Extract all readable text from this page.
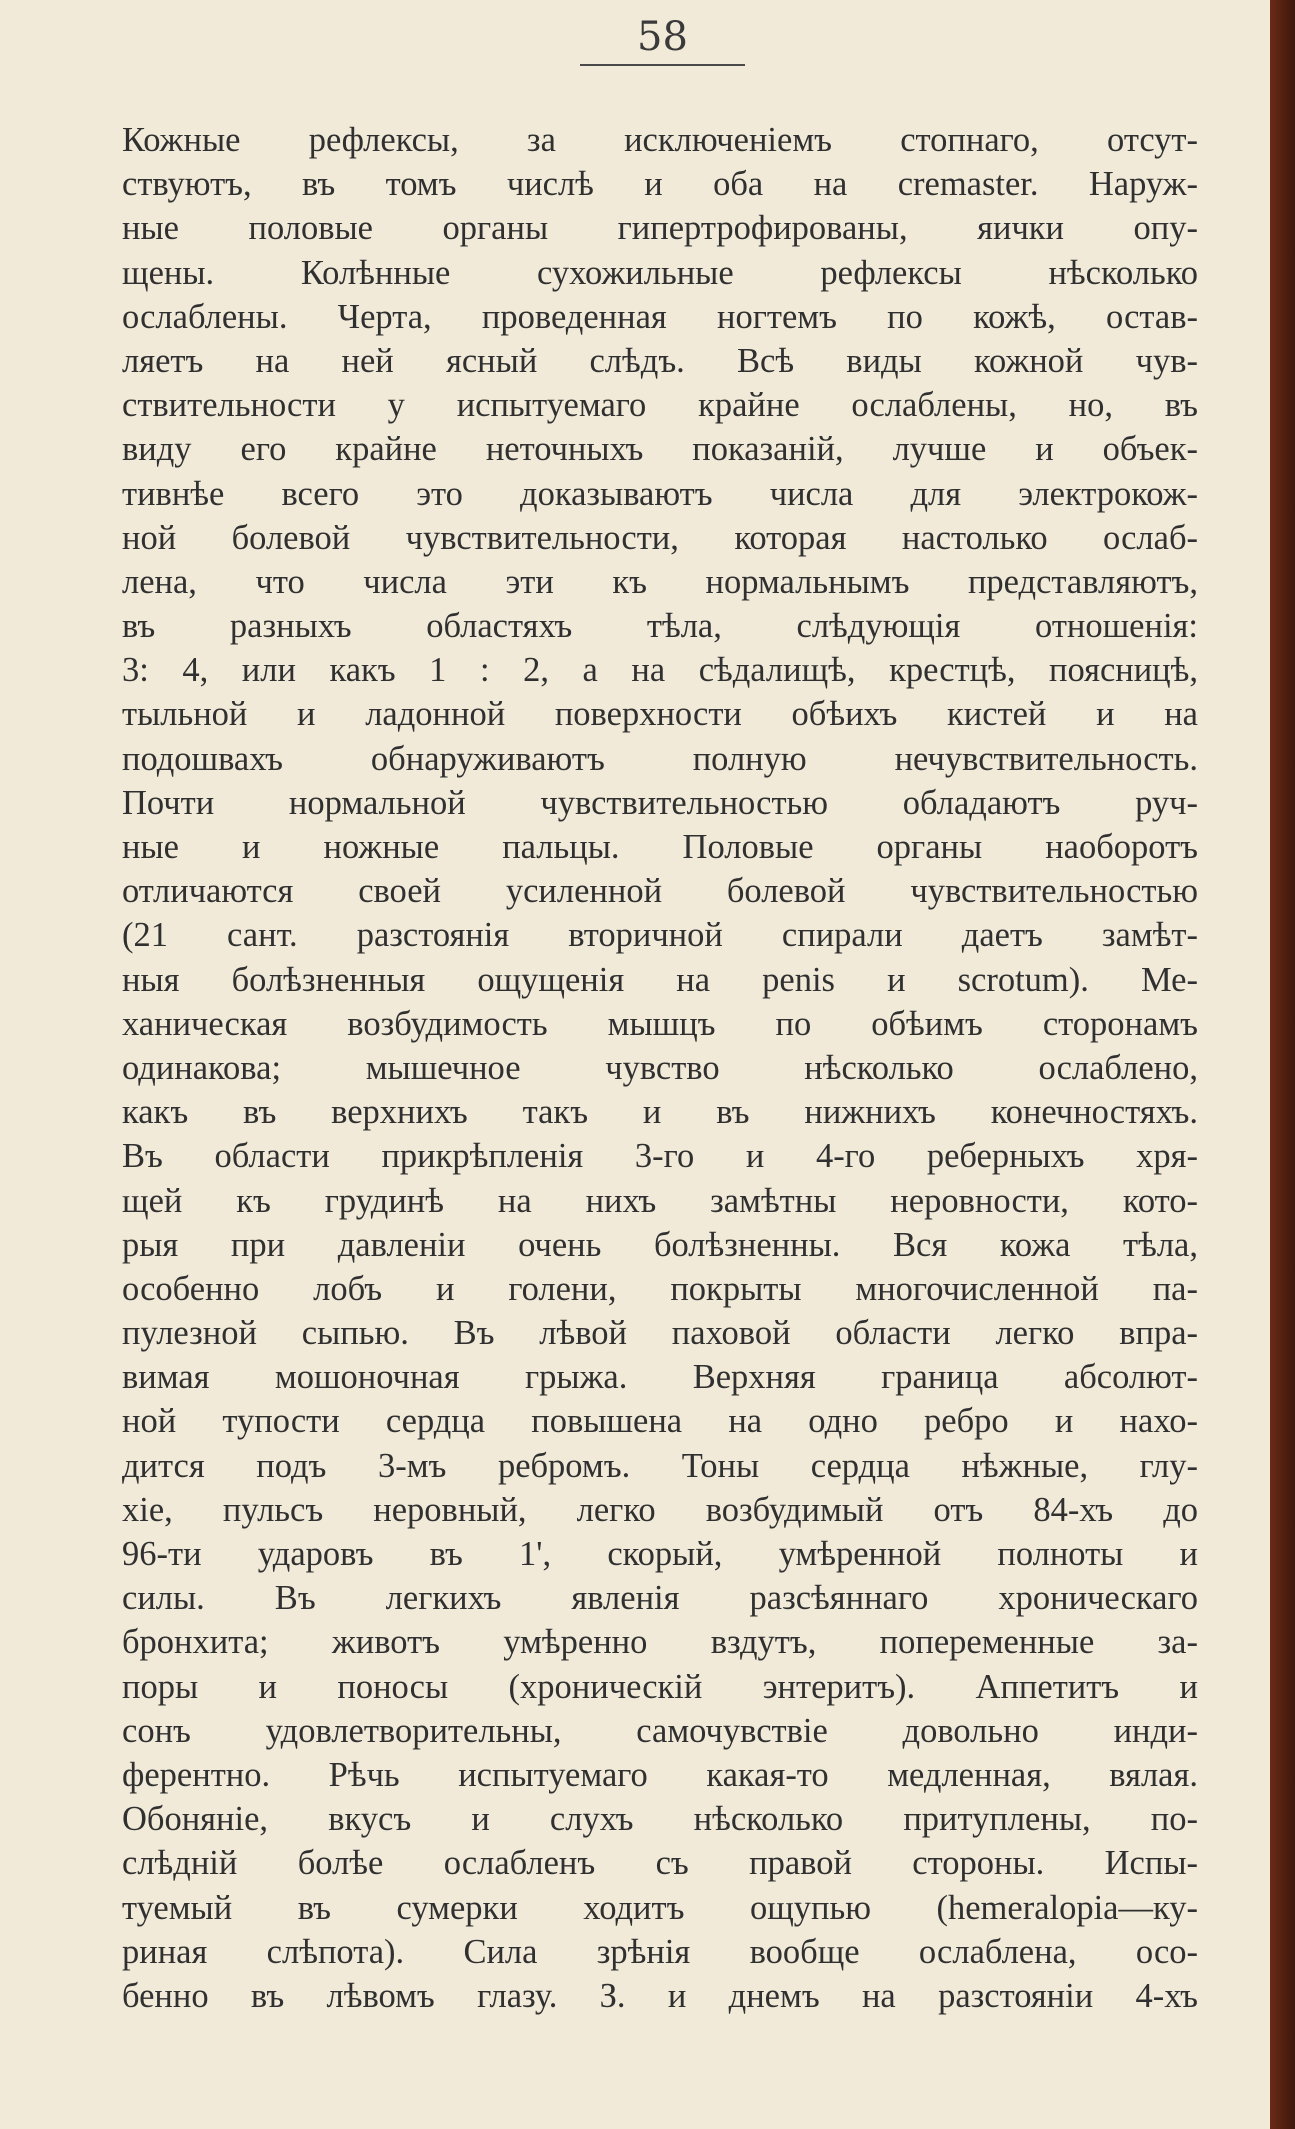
58
Кожные рефлексы, за исключеніемъ стопнаго, отсут-
ствуютъ, въ томъ числѣ и оба на cremaster. Наруж-
ные половые органы гипертрофированы, яички опу-
щены. Колѣнные сухожильные рефлексы нѣсколько
ослаблены. Черта, проведенная ногтемъ по кожѣ, остав-
ляетъ на ней ясный слѣдъ. Всѣ виды кожной чув-
ствительности у испытуемаго крайне ослаблены, но, въ
виду его крайне неточныхъ показаній, лучше и объек-
тивнѣе всего это доказываютъ числа для электрокож-
ной болевой чувствительности, которая настолько ослаб-
лена, что числа эти къ нормальнымъ представляютъ,
въ разныхъ областяхъ тѣла, слѣдующія отношенія:
3: 4, или какъ 1 : 2, а на сѣдалищѣ, крестцѣ, поясницѣ,
тыльной и ладонной поверхности обѣихъ кистей и на
подошвахъ обнаруживаютъ полную нечувствительность.
Почти нормальной чувствительностью обладаютъ руч-
ные и ножные пальцы. Половые органы наоборотъ
отличаются своей усиленной болевой чувствительностью
(21 сант. разстоянія вторичной спирали даетъ замѣт-
ныя болѣзненныя ощущенія на penis и scrotum). Ме-
ханическая возбудимость мышцъ по обѣимъ сторонамъ
одинакова; мышечное чувство нѣсколько ослаблено,
какъ въ верхнихъ такъ и въ нижнихъ конечностяхъ.
Въ области прикрѣпленія 3-го и 4-го реберныхъ хря-
щей къ грудинѣ на нихъ замѣтны неровности, кото-
рыя при давленіи очень болѣзненны. Вся кожа тѣла,
особенно лобъ и голени, покрыты многочисленной па-
пулезной сыпью. Въ лѣвой паховой области легко впра-
вимая мошоночная грыжа. Верхняя граница абсолют-
ной тупости сердца повышена на одно ребро и нахо-
дится подъ 3-мъ ребромъ. Тоны сердца нѣжные, глу-
хіе, пульсъ неровный, легко возбудимый отъ 84-хъ до
96-ти ударовъ въ 1', скорый, умѣренной полноты и
силы. Въ легкихъ явленія разсѣяннаго хроническаго
бронхита; животъ умѣренно вздутъ, попеременные за-
поры и поносы (хроническій энтеритъ). Аппетитъ и
сонъ удовлетворительны, самочувствіе довольно инди-
ферентно. Рѣчь испытуемаго какая-то медленная, вялая.
Обоняніе, вкусъ и слухъ нѣсколько притуплены, по-
слѣдній болѣе ослабленъ съ правой стороны. Испы-
туемый въ сумерки ходитъ ощупью (hemeralopia—ку-
риная слѣпота). Сила зрѣнія вообще ослаблена, осо-
бенно въ лѣвомъ глазу. З. и днемъ на разстояніи 4-хъ
